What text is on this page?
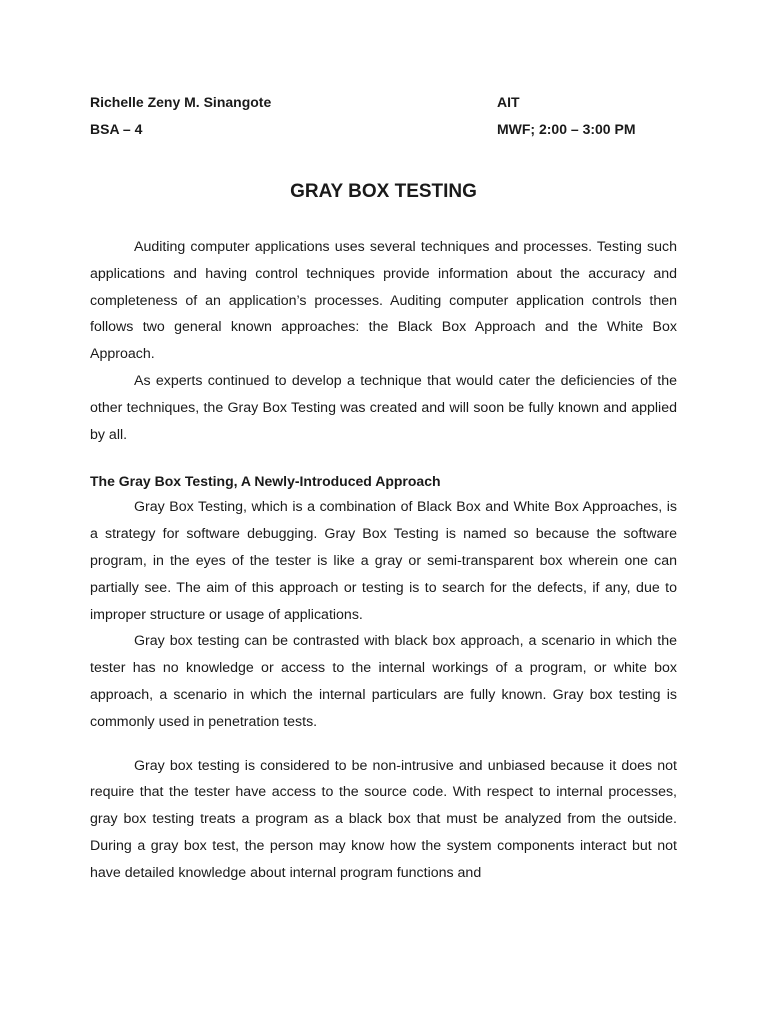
Richelle Zeny M. Sinangote	AIT
BSA – 4	MWF; 2:00 – 3:00 PM
GRAY BOX TESTING

Auditing computer applications uses several techniques and processes. Testing such applications and having control techniques provide information about the accuracy and completeness of an application’s processes. Auditing computer application controls then follows two general known approaches: the Black Box Approach and the White Box Approach.

As experts continued to develop a technique that would cater the deficiencies of the other techniques, the Gray Box Testing was created and will soon be fully known and applied by all.

The Gray Box Testing, A Newly-Introduced Approach

Gray Box Testing, which is a combination of Black Box and White Box Approaches, is a strategy for software debugging. Gray Box Testing is named so because the software program, in the eyes of the tester is like a gray or semi-transparent box wherein one can partially see. The aim of this approach or testing is to search for the defects, if any, due to improper structure or usage of applications.

Gray box testing can be contrasted with black box approach, a scenario in which the tester has no knowledge or access to the internal workings of a program, or white box approach, a scenario in which the internal particulars are fully known. Gray box testing is commonly used in penetration tests.

Gray box testing is considered to be non-intrusive and unbiased because it does not require that the tester have access to the source code. With respect to internal processes, gray box testing treats a program as a black box that must be analyzed from the outside. During a gray box test, the person may know how the system components interact but not have detailed knowledge about internal program functions and
